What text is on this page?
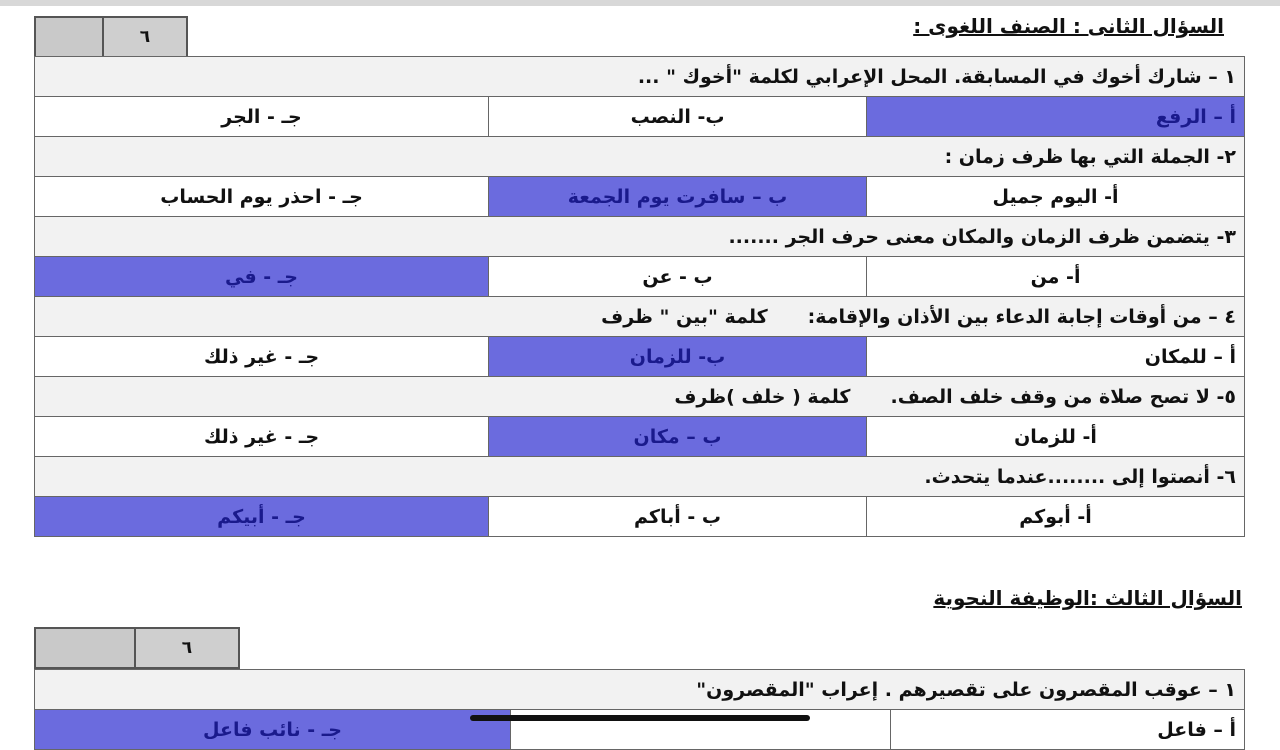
٦	السؤال الثانى : الصنف اللغوى :
١ – شارك أخوك في المسابقة. المحل الإعرابي لكلمة "أخوك " ...		
أ – الرفع	ب- النصب	جـ - الجر
٢- الجملة التي بها ظرف زمان :		
أ- اليوم جميل	ب – سافرت يوم الجمعة	جـ - احذر يوم الحساب
٣- يتضمن ظرف الزمان والمكان معنى حرف الجر .......		
أ- من	ب - عن	جـ - في
٤ – من أوقات إجابة الدعاء بين الأذان والإقامة:كلمة "بين " ظرف		
أ – للمكان	ب- للزمان	جـ - غير ذلك
٥- لا تصح صلاة من وقف خلف الصف.كلمة ( خلف )ظرف		
أ- للزمان	ب – مكان	جـ - غير ذلك
٦- أنصتوا إلى ........عندما يتحدث.		
أ- أبوكم	ب - أباكم	جـ - أبيكم
السؤال الثالث :الوظيفة النحوية
٦
١ – عوقب المقصرون على تقصيرهم . إعراب "المقصرون"
أ – فاعل		جـ - نائب فاعل
